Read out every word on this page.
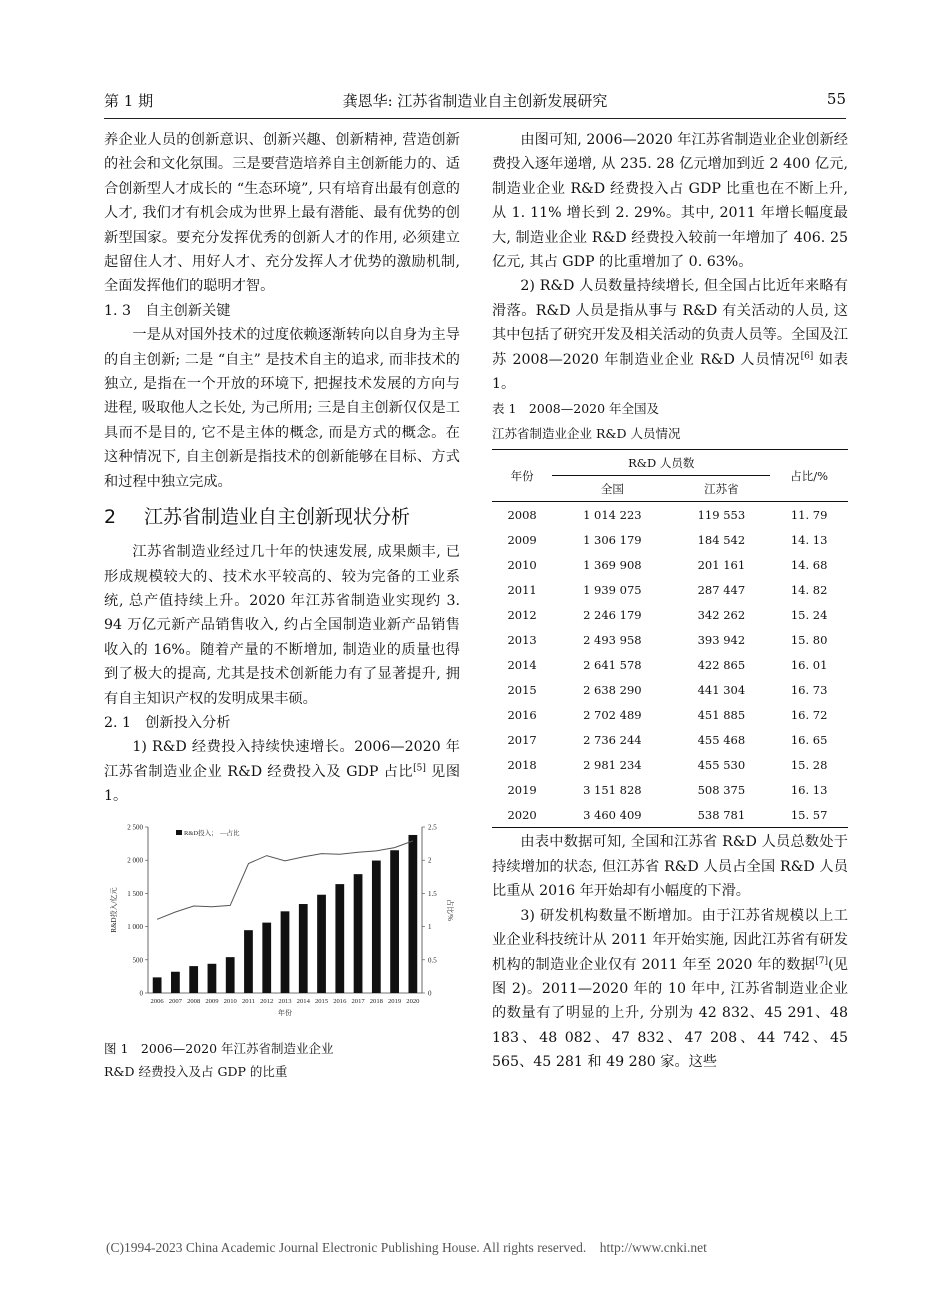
第 1 期	龚恩华: 江苏省制造业自主创新发展研究	55

养企业人员的创新意识、创新兴趣、创新精神, 营造创新的社会和文化氛围。三是要营造培养自主创新能力的、适合创新型人才成长的 “生态环境”, 只有培育出最有创意的人才, 我们才有机会成为世界上最有潜能、最有优势的创新型国家。要充分发挥优秀的创新人才的作用, 必须建立起留住人才、用好人才、充分发挥人才优势的激励机制, 全面发挥他们的聪明才智。

1. 3　自主创新关键

一是从对国外技术的过度依赖逐渐转向以自身为主导的自主创新; 二是 “自主” 是技术自主的追求, 而非技术的独立, 是指在一个开放的环境下, 把握技术发展的方向与进程, 吸取他人之长处, 为己所用; 三是自主创新仅仅是工具而不是目的, 它不是主体的概念, 而是方式的概念。在这种情况下, 自主创新是指技术的创新能够在目标、方式和过程中独立完成。

2 江苏省制造业自主创新现状分析

江苏省制造业经过几十年的快速发展, 成果颇丰, 已形成规模较大的、技术水平较高的、较为完备的工业系统, 总产值持续上升。2020 年江苏省制造业实现约 3. 94 万亿元新产品销售收入, 约占全国制造业新产品销售收入的 16%。随着产量的不断增加, 制造业的质量也得到了极大的提高, 尤其是技术创新能力有了显著提升, 拥有自主知识产权的发明成果丰硕。

2. 1　创新投入分析

1) R&D 经费投入持续快速增长。2006—2020 年江苏省制造业企业 R&D 经费投入及 GDP 占比[5] 见图 1。

0
500
1 000
1 500
2 000
2 500
0
0.5
1
1.5
2
2.5
2006 2007 2008 2009 2010 2011 2012 2013 2014 2015 2016 2017 2018 2019 2020
R&D投入； —占比
年份
R&D投入/亿元	占比/%

图 1　2006—2020 年江苏省制造业企业

R&D 经费投入及占 GDP 的比重

由图可知, 2006—2020 年江苏省制造业企业创新经费投入逐年递增, 从 235. 28 亿元增加到近 2 400 亿元, 制造业企业 R&D 经费投入占 GDP 比重也在不断上升, 从 1. 11% 增长到 2. 29%。其中, 2011 年增长幅度最大, 制造业企业 R&D 经费投入较前一年增加了 406. 25 亿元, 其占 GDP 的比重增加了 0. 63%。

2) R&D 人员数量持续增长, 但全国占比近年来略有滑落。R&D 人员是指从事与 R&D 有关活动的人员, 这其中包括了研究开发及相关活动的负责人员等。全国及江苏 2008—2020 年制造业企业 R&D 人员情况[6] 如表 1。

表 1　2008—2020 年全国及

江苏省制造业企业 R&D 人员情况

年份	R&D 人员数		占比/%
	全国	江苏省	
2008	1 014 223	119 553	11. 79
2009	1 306 179	184 542	14. 13
2010	1 369 908	201 161	14. 68
2011	1 939 075	287 447	14. 82
2012	2 246 179	342 262	15. 24
2013	2 493 958	393 942	15. 80
2014	2 641 578	422 865	16. 01
2015	2 638 290	441 304	16. 73
2016	2 702 489	451 885	16. 72
2017	2 736 244	455 468	16. 65
2018	2 981 234	455 530	15. 28
2019	3 151 828	508 375	16. 13
2020	3 460 409	538 781	15. 57

由表中数据可知, 全国和江苏省 R&D 人员总数处于持续增加的状态, 但江苏省 R&D 人员占全国 R&D 人员比重从 2016 年开始却有小幅度的下滑。

3) 研发机构数量不断增加。由于江苏省规模以上工业企业科技统计从 2011 年开始实施, 因此江苏省有研发机构的制造业企业仅有 2011 年至 2020 年的数据[7](见图 2)。2011—2020 年的 10 年中, 江苏省制造业企业的数量有了明显的上升, 分别为 42 832、45 291、48 183、48 082、47 832、47 208、44 742、45 565、45 281 和 49 280 家。这些

(C)1994-2023 China Academic Journal Electronic Publishing House. All rights reserved.    http://www.cnki.net
